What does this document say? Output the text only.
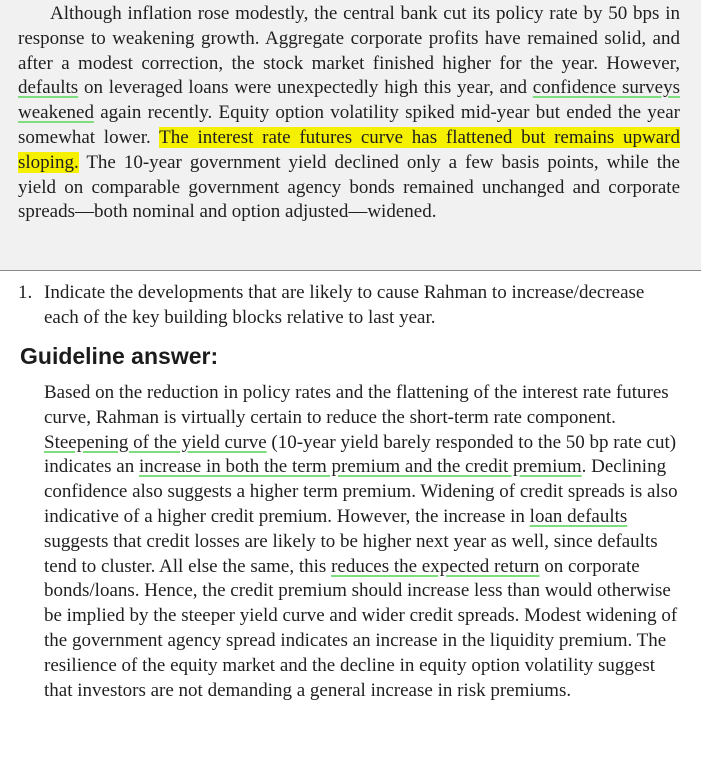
Although inflation rose modestly, the central bank cut its policy rate by 50 bps in response to weakening growth. Aggregate corporate profits have remained solid, and after a modest correction, the stock market finished higher for the year. However, defaults on leveraged loans were unexpectedly high this year, and confidence surveys weakened again recently. Equity option volatility spiked mid-year but ended the year somewhat lower. The interest rate futures curve has flattened but remains upward sloping. The 10-year government yield declined only a few basis points, while the yield on comparable government agency bonds remained unchanged and corporate spreads—both nominal and option adjusted—widened.

1. Indicate the developments that are likely to cause Rahman to increase/decrease each of the key building blocks relative to last year.
Guideline answer:

Based on the reduction in policy rates and the flattening of the interest rate futures curve, Rahman is virtually certain to reduce the short-term rate component. Steepening of the yield curve (10-year yield barely responded to the 50 bp rate cut) indicates an increase in both the term premium and the credit premium. Declining confidence also suggests a higher term premium. Widening of credit spreads is also indicative of a higher credit premium. However, the increase in loan defaults suggests that credit losses are likely to be higher next year as well, since defaults tend to cluster. All else the same, this reduces the expected return on corporate bonds/loans. Hence, the credit premium should increase less than would otherwise be implied by the steeper yield curve and wider credit spreads. Modest widening of the government agency spread indicates an increase in the liquidity premium. The resilience of the equity market and the decline in equity option volatility suggest that investors are not demanding a general increase in risk premiums.
